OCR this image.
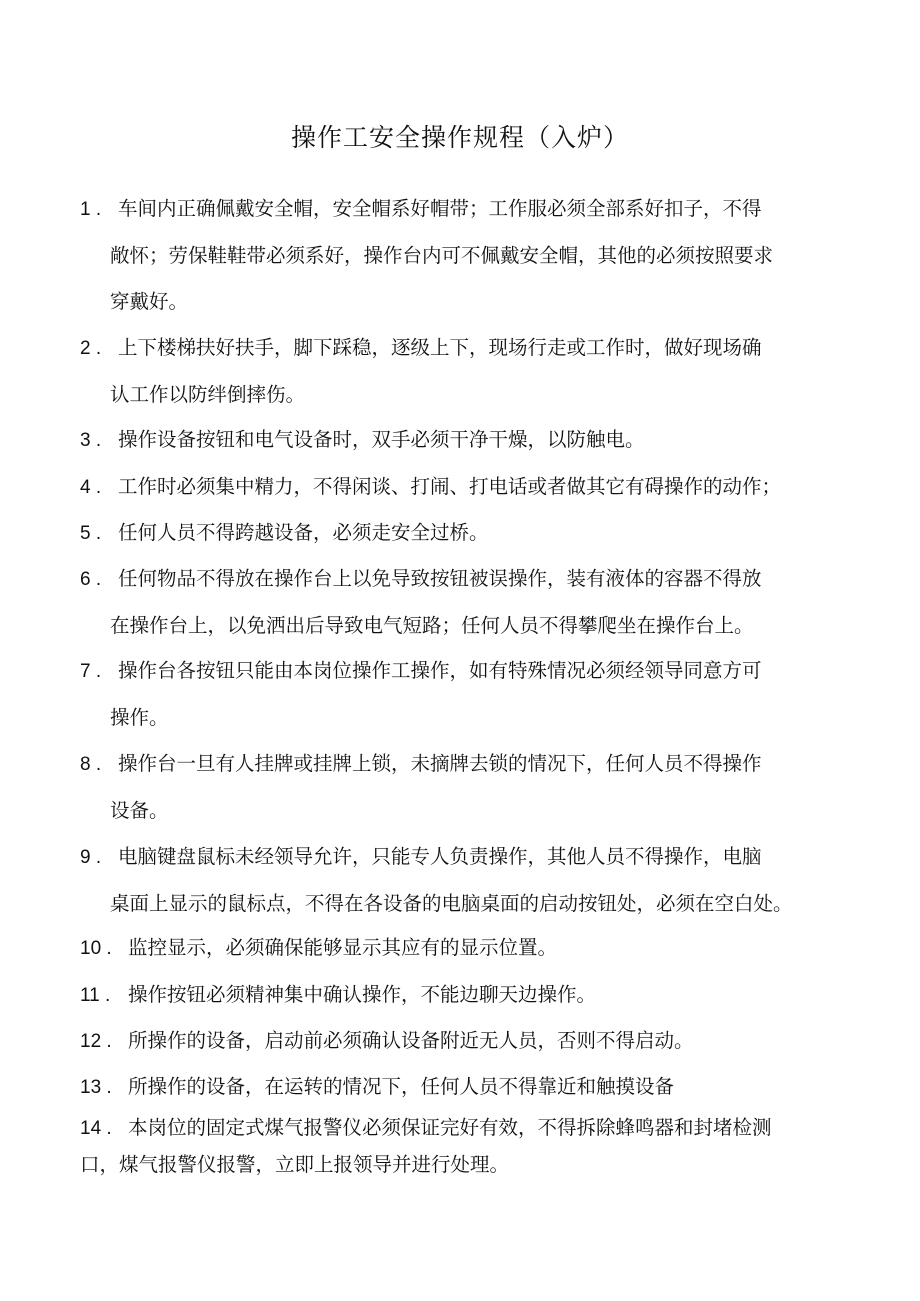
操作工安全操作规程（入炉）
1 . 车间内正确佩戴安全帽，安全帽系好帽带；工作服必须全部系好扣子，不得
敞怀；劳保鞋鞋带必须系好，操作台内可不佩戴安全帽，其他的必须按照要求
穿戴好。
2 . 上下楼梯扶好扶手，脚下踩稳，逐级上下，现场行走或工作时，做好现场确
认工作以防绊倒摔伤。
3 . 操作设备按钮和电气设备时，双手必须干净干燥，以防触电。
4 . 工作时必须集中精力，不得闲谈、打闹、打电话或者做其它有碍操作的动作；
5 . 任何人员不得跨越设备，必须走安全过桥。
6 . 任何物品不得放在操作台上以免导致按钮被误操作，装有液体的容器不得放
在操作台上，以免洒出后导致电气短路；任何人员不得攀爬坐在操作台上。
7 . 操作台各按钮只能由本岗位操作工操作，如有特殊情况必须经领导同意方可
操作。
8 . 操作台一旦有人挂牌或挂牌上锁，未摘牌去锁的情况下，任何人员不得操作
设备。
9 . 电脑键盘鼠标未经领导允许，只能专人负责操作，其他人员不得操作，电脑
桌面上显示的鼠标点，不得在各设备的电脑桌面的启动按钮处，必须在空白处。
10 . 监控显示，必须确保能够显示其应有的显示位置。
11 . 操作按钮必须精神集中确认操作，不能边聊天边操作。
12 . 所操作的设备，启动前必须确认设备附近无人员，否则不得启动。
13 . 所操作的设备，在运转的情况下，任何人员不得靠近和触摸设备
14 . 本岗位的固定式煤气报警仪必须保证完好有效，不得拆除蜂鸣器和封堵检测
口，煤气报警仪报警，立即上报领导并进行处理。
